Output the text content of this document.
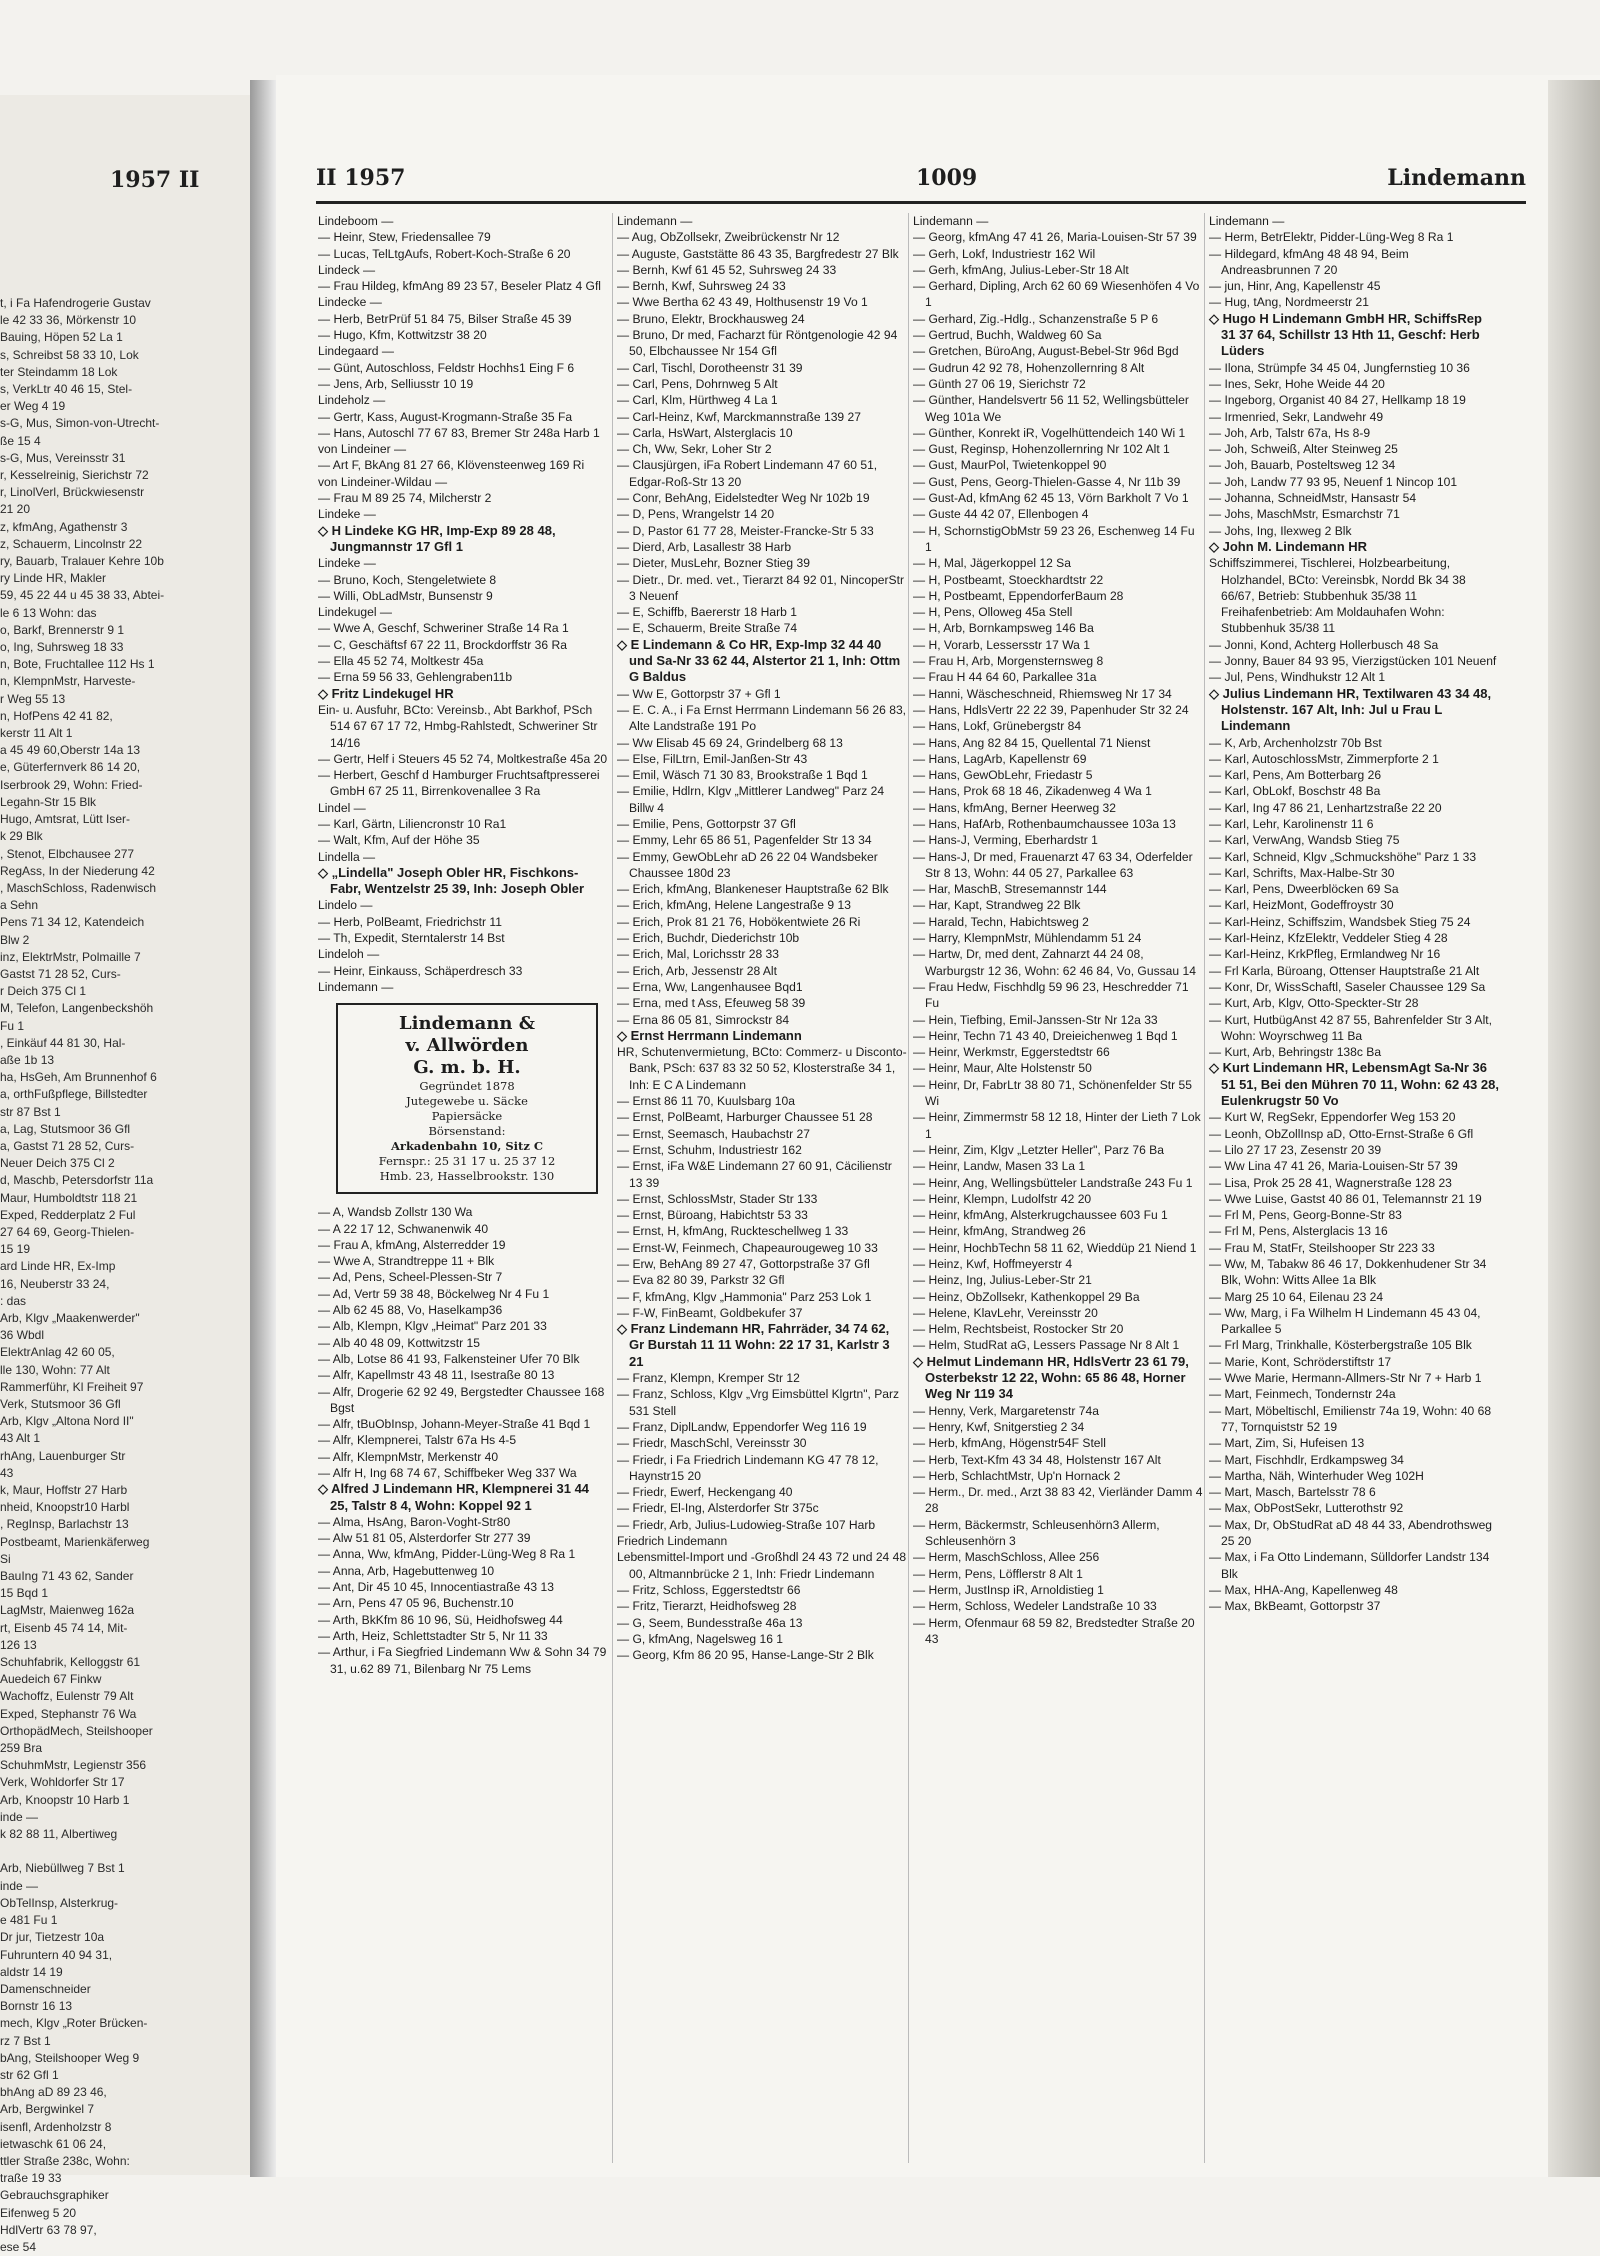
1957 II
t, i Fa Hafendrogerie Gustav
le 42 33 36, Mörkenstr 10
Bauing, Höpen 52 La 1
s, Schreibst 58 33 10, Lok
ter Steindamm 18 Lok
s, VerkLtr 40 46 15, Stel-
er Weg 4 19
s-G, Mus, Simon-von-Utrecht-
ße 15 4
s-G, Mus, Vereinsstr 31
r, Kesselreinig, Sierichstr 72
r, LinolVerl, Brückwiesenstr
21 20
z, kfmAng, Agathenstr 3
z, Schauerm, Lincolnstr 22
ry, Bauarb, Tralauer Kehre 10b
ry Linde HR, Makler
59, 45 22 44 u 45 38 33, Abtei-
le 6 13 Wohn: das
o, Barkf, Brennerstr 9 1
o, Ing, Suhrsweg 18 33
n, Bote, Fruchtallee 112 Hs 1
n, KlempnMstr, Harveste-
r Weg 55 13
n, HofPens 42 41 82,
kerstr 11 Alt 1
a 45 49 60,Oberstr 14a 13
e, Güterfernverk 86 14 20,
Iserbrook 29, Wohn: Fried-
Legahn-Str 15 Blk
Hugo, Amtsrat, Lütt Iser-
k 29 Blk
, Stenot, Elbchausee 277
RegAss, In der Niederung 42
, MaschSchloss, Radenwisch
a Sehn
Pens 71 34 12, Katendeich
Blw 2
inz, ElektrMstr, Polmaille 7
Gastst 71 28 52, Curs-
r Deich 375 Cl 1
M, Telefon, Langenbeckshöh
Fu 1
, Einkäuf 44 81 30, Hal-
aße 1b 13
ha, HsGeh, Am Brunnenhof 6
a, orthFußpflege, Billstedter
str 87 Bst 1
a, Lag, Stutsmoor 36 Gfl
a, Gastst 71 28 52, Curs-
Neuer Deich 375 Cl 2
d, Maschb, Petersdorfstr 11a
Maur, Humboldtstr 118 21
Exped, Redderplatz 2 Ful
27 64 69, Georg-Thielen-
15 19
ard Linde HR, Ex-Imp
16, Neuberstr 33 24,
: das
Arb, Klgv „Maakenwerder"
36 Wbdl
ElektrAnlag 42 60 05,
lle 130, Wohn: 77 Alt
Rammerführ, Kl Freiheit 97
Verk, Stutsmoor 36 Gfl
Arb, Klgv „Altona Nord II"
43 Alt 1
rhAng, Lauenburger Str
43
k, Maur, Hoffstr 27 Harb
nheid, Knoopstr10 Harbl
, RegInsp, Barlachstr 13
Postbeamt, Marienkäferweg
Si
BauIng 71 43 62, Sander
15 Bqd 1
LagMstr, Maienweg 162a
rt, Eisenb 45 74 14, Mit-
126 13
Schuhfabrik, Kelloggstr 61
Auedeich 67 Finkw
Wachoffz, Eulenstr 79 Alt
Exped, Stephanstr 76 Wa
OrthopädMech, Steilshooper
259 Bra
SchuhmMstr, Legienstr 356
Verk, Wohldorfer Str 17
Arb, Knoopstr 10 Harb 1
inde —
k 82 88 11, Albertiweg

Arb, Niebüllweg 7 Bst 1
inde —
ObTelInsp, Alsterkrug-
e 481 Fu 1
Dr jur, Tietzestr 10a
Fuhruntern 40 94 31,
aldstr 14 19
Damenschneider
Bornstr 16 13
mech, Klgv „Roter Brücken-
rz 7 Bst 1
bAng, Steilshooper Weg 9
str 62 Gfl 1
bhAng aD 89 23 46,
Arb, Bergwinkel 7
isenfl, Ardenholzstr 8
ietwaschk 61 06 24,
ttler Straße 238c, Wohn:
traße 19 33
Gebrauchsgraphiker
Eifenweg 5 20
HdlVertr 63 78 97,
ese 54
II 1957	1009	Lindemann
Lindeboom —
— Heinr, Stew, Friedensallee 79
— Lucas, TelLtgAufs, Robert-Koch-Straße 6 20
Lindeck —
— Frau Hildeg, kfmAng 89 23 57, Beseler Platz 4 Gfl
Lindecke —
— Herb, BetrPrüf 51 84 75, Bilser Straße 45 39
— Hugo, Kfm, Kottwitzstr 38 20
Lindegaard —
— Günt, Autoschloss, Feldstr Hochhs1 Eing F 6
— Jens, Arb, Selliusstr 10 19
Lindeholz —
— Gertr, Kass, August-Krogmann-Straße 35 Fa
— Hans, Autoschl 77 67 83, Bremer Str 248a Harb 1
von Lindeiner —
— Art F, BkAng 81 27 66, Klövensteenweg 169 Ri
von Lindeiner-Wildau —
— Frau M 89 25 74, Milcherstr 2
Lindeke —
◇ H Lindeke KG HR, Imp-Exp 89 28 48, Jungmannstr 17 Gfl 1
Lindeke —
— Bruno, Koch, Stengeletwiete 8
— Willi, ObLadMstr, Bunsenstr 9
Lindekugel —
— Wwe A, Geschf, Schweriner Straße 14 Ra 1
— C, Geschäftsf 67 22 11, Brockdorffstr 36 Ra
— Ella 45 52 74, Moltkestr 45a
— Erna 59 56 33, Gehlengraben11b
◇ Fritz Lindekugel HR
Ein- u. Ausfuhr, BCto: Vereinsb., Abt Barkhof, PSch 514 67 67 17 72, Hmbg-Rahlstedt, Schweriner Str 14/16
— Gertr, Helf i Steuers 45 52 74, Moltkestraße 45a 20
— Herbert, Geschf d Hamburger Fruchtsaftpresserei GmbH 67 25 11, Birrenkovenallee 3 Ra
Lindel —
— Karl, Gärtn, Liliencronstr 10 Ra1
— Walt, Kfm, Auf der Höhe 35
Lindella —
◇ „Lindella" Joseph Obler HR, Fischkons-Fabr, Wentzelstr 25 39, Inh: Joseph Obler
Lindelo —
— Herb, PolBeamt, Friedrichstr 11
— Th, Expedit, Sterntalerstr 14 Bst
Lindeloh —
— Heinr, Einkauss, Schäperdresch 33
Lindemann —
Lindemann &
v. Allwörden
G. m. b. H.
Gegründet 1878
Jutegewebe u. Säcke
Papiersäcke
Börsenstand:
Arkadenbahn 10, Sitz C
Fernspr.: 25 31 17 u. 25 37 12
Hmb. 23, Hasselbrookstr. 130
— A, Wandsb Zollstr 130 Wa
— A 22 17 12, Schwanenwik 40
— Frau A, kfmAng, Alsterredder 19
— Wwe A, Strandtreppe 11 + Blk
— Ad, Pens, Scheel-Plessen-Str 7
— Ad, Vertr 59 38 48, Böckelweg Nr 4 Fu 1
— Alb 62 45 88, Vo, Haselkamp36
— Alb, Klempn, Klgv „Heimat" Parz 201 33
— Alb 40 48 09, Kottwitzstr 15
— Alb, Lotse 86 41 93, Falkensteiner Ufer 70 Blk
— Alfr, Kapellmstr 43 48 11, Isestraße 80 13
— Alfr, Drogerie 62 92 49, Bergstedter Chaussee 168 Bgst
— Alfr, tBuObInsp, Johann-Meyer-Straße 41 Bqd 1
— Alfr, Klempnerei, Talstr 67a Hs 4-5
— Alfr, KlempnMstr, Merkenstr 40
— Alfr H, Ing 68 74 67, Schiffbeker Weg 337 Wa
◇ Alfred J Lindemann HR, Klempnerei 31 44 25, Talstr 8 4, Wohn: Koppel 92 1
— Alma, HsAng, Baron-Voght-Str80
— Alw 51 81 05, Alsterdorfer Str 277 39
— Anna, Ww, kfmAng, Pidder-Lüng-Weg 8 Ra 1
— Anna, Arb, Hagebuttenweg 10
— Ant, Dir 45 10 45, Innocentiastraße 43 13
— Arn, Pens 47 05 96, Buchenstr.10
— Arth, BkKfm 86 10 96, Sü, Heidhofsweg 44
— Arth, Heiz, Schlettstadter Str 5, Nr 11 33
— Arthur, i Fa Siegfried Lindemann Ww & Sohn 34 79 31, u.62 89 71, Bilenbarg Nr 75 Lems
Lindemann —
— Aug, ObZollsekr, Zweibrückenstr Nr 12
— Auguste, Gaststätte 86 43 35, Bargfredestr 27 Blk
— Bernh, Kwf 61 45 52, Suhrsweg 24 33
— Bernh, Kwf, Suhrsweg 24 33
— Wwe Bertha 62 43 49, Holthusenstr 19 Vo 1
— Bruno, Elektr, Brockhausweg 24
— Bruno, Dr med, Facharzt für Röntgenologie 42 94 50, Elbchaussee Nr 154 Gfl
— Carl, Tischl, Dorotheenstr 31 39
— Carl, Pens, Dohrnweg 5 Alt
— Carl, Klm, Hürthweg 4 La 1
— Carl-Heinz, Kwf, Marckmannstraße 139 27
— Carla, HsWart, Alsterglacis 10
— Ch, Ww, Sekr, Loher Str 2
— Clausjürgen, iFa Robert Lindemann 47 60 51, Edgar-Roß-Str 13 20
— Conr, BehAng, Eidelstedter Weg Nr 102b 19
— D, Pens, Wrangelstr 14 20
— D, Pastor 61 77 28, Meister-Francke-Str 5 33
— Dierd, Arb, Lasallestr 38 Harb
— Dieter, MusLehr, Bozner Stieg 39
— Dietr., Dr. med. vet., Tierarzt 84 92 01, NincoperStr 3 Neuenf
— E, Schiffb, Baererstr 18 Harb 1
— E, Schauerm, Breite Straße 74
◇ E Lindemann & Co HR, Exp-Imp 32 44 40 und Sa-Nr 33 62 44, Alstertor 21 1, Inh: Ottm G Baldus
— Ww E, Gottorpstr 37 + Gfl 1
— E. C. A., i Fa Ernst Herrmann Lindemann 56 26 83, Alte Landstraße 191 Po
— Ww Elisab 45 69 24, Grindelberg 68 13
— Else, FilLtrn, Emil-Janßen-Str 43
— Emil, Wäsch 71 30 83, Brookstraße 1 Bqd 1
— Emilie, Hdlrn, Klgv „Mittlerer Landweg" Parz 24 Billw 4
— Emilie, Pens, Gottorpstr 37 Gfl
— Emmy, Lehr 65 86 51, Pagenfelder Str 13 34
— Emmy, GewObLehr aD 26 22 04 Wandsbeker Chaussee 180d 23
— Erich, kfmAng, Blankeneser Hauptstraße 62 Blk
— Erich, kfmAng, Helene Langestraße 9 13
— Erich, Prok 81 21 76, Hobökentwiete 26 Ri
— Erich, Buchdr, Diederichstr 10b
— Erich, Mal, Lorichsstr 28 33
— Erich, Arb, Jessenstr 28 Alt
— Erna, Ww, Langenhausee Bqd1
— Erna, med t Ass, Efeuweg 58 39
— Erna 86 05 81, Simrockstr 84
◇ Ernst Herrmann Lindemann
HR, Schutenvermietung, BCto: Commerz- u Disconto-Bank, PSch: 637 83 32 50 52, Klosterstraße 34 1, Inh: E C A Lindemann
— Ernst 86 11 70, Kuulsbarg 10a
— Ernst, PolBeamt, Harburger Chaussee 51 28
— Ernst, Seemasch, Haubachstr 27
— Ernst, Schuhm, Industriestr 162
— Ernst, iFa W&E Lindemann 27 60 91, Cäcilienstr 13 39
— Ernst, SchlossMstr, Stader Str 133
— Ernst, Büroang, Habichtstr 53 33
— Ernst, H, kfmAng, Ruckteschellweg 1 33
— Ernst-W, Feinmech, Chapeaurougeweg 10 33
— Erw, BehAng 89 27 47, Gottorpstraße 37 Gfl
— Eva 82 80 39, Parkstr 32 Gfl
— F, kfmAng, Klgv „Hammonia" Parz 253 Lok 1
— F-W, FinBeamt, Goldbekufer 37
◇ Franz Lindemann HR, Fahrräder, 34 74 62, Gr Burstah 11 11 Wohn: 22 17 31, Karlstr 3 21
— Franz, Klempn, Kremper Str 12
— Franz, Schloss, Klgv „Vrg Eimsbüttel Klgrtn", Parz 531 Stell
— Franz, DiplLandw, Eppendorfer Weg 116 19
— Friedr, MaschSchl, Vereinsstr 30
— Friedr, i Fa Friedrich Lindemann KG 47 78 12, Haynstr15 20
— Friedr, Ewerf, Heckengang 40
— Friedr, El-Ing, Alsterdorfer Str 375c
— Friedr, Arb, Julius-Ludowieg-Straße 107 Harb
Friedrich Lindemann
Lebensmittel-Import und -Großhdl 24 43 72 und 24 48 00, Altmannbrücke 2 1, Inh: Friedr Lindemann
— Fritz, Schloss, Eggerstedtstr 66
— Fritz, Tierarzt, Heidhofsweg 28
— G, Seem, Bundesstraße 46a 13
— G, kfmAng, Nagelsweg 16 1
— Georg, Kfm 86 20 95, Hanse-Lange-Str 2 Blk
Lindemann —
— Georg, kfmAng 47 41 26, Maria-Louisen-Str 57 39
— Gerh, Lokf, Industriestr 162 Wil
— Gerh, kfmAng, Julius-Leber-Str 18 Alt
— Gerhard, Dipling, Arch 62 60 69 Wiesenhöfen 4 Vo 1
— Gerhard, Zig.-Hdlg., Schanzenstraße 5 P 6
— Gertrud, Buchh, Waldweg 60 Sa
— Gretchen, BüroAng, August-Bebel-Str 96d Bgd
— Gudrun 42 92 78, Hohenzollernring 8 Alt
— Günth 27 06 19, Sierichstr 72
— Günther, Handelsvertr 56 11 52, Wellingsbütteler Weg 101a We
— Günther, Konrekt iR, Vogelhüttendeich 140 Wi 1
— Gust, Reginsp, Hohenzollernring Nr 102 Alt 1
— Gust, MaurPol, Twietenkoppel 90
— Gust, Pens, Georg-Thielen-Gasse 4, Nr 11b 39
— Gust-Ad, kfmAng 62 45 13, Vörn Barkholt 7 Vo 1
— Guste 44 42 07, Ellenbogen 4
— H, SchornstigObMstr 59 23 26, Eschenweg 14 Fu 1
— H, Mal, Jägerkoppel 12 Sa
— H, Postbeamt, Stoeckhardtstr 22
— H, Postbeamt, EppendorferBaum 28
— H, Pens, Olloweg 45a Stell
— H, Arb, Bornkampsweg 146 Ba
— H, Vorarb, Lessersstr 17 Wa 1
— Frau H, Arb, Morgensternsweg 8
— Frau H 44 64 60, Parkallee 31a
— Hanni, Wäscheschneid, Rhiemsweg Nr 17 34
— Hans, HdlsVertr 22 22 39, Papenhuder Str 32 24
— Hans, Lokf, Grünebergstr 84
— Hans, Ang 82 84 15, Quellental 71 Nienst
— Hans, LagArb, Kapellenstr 69
— Hans, GewObLehr, Friedastr 5
— Hans, Prok 68 18 46, Zikadenweg 4 Wa 1
— Hans, kfmAng, Berner Heerweg 32
— Hans, HafArb, Rothenbaumchaussee 103a 13
— Hans-J, Verming, Eberhardstr 1
— Hans-J, Dr med, Frauenarzt 47 63 34, Oderfelder Str 8 13, Wohn: 44 05 27, Parkallee 63
— Har, MaschB, Stresemannstr 144
— Har, Kapt, Strandweg 22 Blk
— Harald, Techn, Habichtsweg 2
— Harry, KlempnMstr, Mühlendamm 51 24
— Hartw, Dr, med dent, Zahnarzt 44 24 08, Warburgstr 12 36, Wohn: 62 46 84, Vo, Gussau 14
— Frau Hedw, Fischhdlg 59 96 23, Heschredder 71 Fu
— Hein, Tiefbing, Emil-Janssen-Str Nr 12a 33
— Heinr, Techn 71 43 40, Dreieichenweg 1 Bqd 1
— Heinr, Werkmstr, Eggerstedtstr 66
— Heinr, Maur, Alte Holstenstr 50
— Heinr, Dr, FabrLtr 38 80 71, Schönenfelder Str 55 Wi
— Heinr, Zimmermstr 58 12 18, Hinter der Lieth 7 Lok 1
— Heinr, Zim, Klgv „Letzter Heller", Parz 76 Ba
— Heinr, Landw, Masen 33 La 1
— Heinr, Ang, Wellingsbütteler Landstraße 243 Fu 1
— Heinr, Klempn, Ludolfstr 42 20
— Heinr, kfmAng, Alsterkrugchaussee 603 Fu 1
— Heinr, kfmAng, Strandweg 26
— Heinr, HochbTechn 58 11 62, Wieddüp 21 Niend 1
— Heinz, Kwf, Hoffmeyerstr 4
— Heinz, Ing, Julius-Leber-Str 21
— Heinz, ObZollsekr, Kathenkoppel 29 Ba
— Helene, KlavLehr, Vereinsstr 20
— Helm, Rechtsbeist, Rostocker Str 20
— Helm, StudRat aG, Lessers Passage Nr 8 Alt 1
◇ Helmut Lindemann HR, HdlsVertr 23 61 79, Osterbekstr 12 22, Wohn: 65 86 48, Horner Weg Nr 119 34
— Henny, Verk, Margaretenstr 74a
— Henry, Kwf, Snitgerstieg 2 34
— Herb, kfmAng, Högenstr54F Stell
— Herb, Text-Kfm 43 34 48, Holstenstr 167 Alt
— Herb, SchlachtMstr, Up'n Hornack 2
— Herm., Dr. med., Arzt 38 83 42, Vierländer Damm 4 28
— Herm, Bäckermstr, Schleusenhörn3 Allerm, Schleusenhörn 3
— Herm, MaschSchloss, Allee 256
— Herm, Pens, Löfflerstr 8 Alt 1
— Herm, JustInsp iR, Arnoldistieg 1
— Herm, Schloss, Wedeler Landstraße 10 33
— Herm, Ofenmaur 68 59 82, Bredstedter Straße 20 43
Lindemann —
— Herm, BetrElektr, Pidder-Lüng-Weg 8 Ra 1
— Hildegard, kfmAng 48 48 94, Beim Andreasbrunnen 7 20
— jun, Hinr, Ang, Kapellenstr 45
— Hug, tAng, Nordmeerstr 21
◇ Hugo H Lindemann GmbH HR, SchiffsRep 31 37 64, Schillstr 13 Hth 11, Geschf: Herb Lüders
— Ilona, Strümpfe 34 45 04, Jungfernstieg 10 36
— Ines, Sekr, Hohe Weide 44 20
— Ingeborg, Organist 40 84 27, Hellkamp 18 19
— Irmenried, Sekr, Landwehr 49
— Joh, Arb, Talstr 67a, Hs 8-9
— Joh, Schweiß, Alter Steinweg 25
— Joh, Bauarb, Posteltsweg 12 34
— Joh, Landw 77 93 95, Neuenf 1 Nincop 101
— Johanna, SchneidMstr, Hansastr 54
— Johs, MaschMstr, Esmarchstr 71
— Johs, Ing, Ilexweg 2 Blk
◇ John M. Lindemann HR
Schiffszimmerei, Tischlerei, Holzbearbeitung, Holzhandel, BCto: Vereinsbk, Nordd Bk 34 38 66/67, Betrieb: Stubbenhuk 35/38 11 Freihafenbetrieb: Am Moldauhafen Wohn: Stubbenhuk 35/38 11
— Jonni, Kond, Achterg Hollerbusch 48 Sa
— Jonny, Bauer 84 93 95, Vierzigstücken 101 Neuenf
— Jul, Pens, Windhukstr 12 Alt 1
◇ Julius Lindemann HR, Textilwaren 43 34 48, Holstenstr. 167 Alt, Inh: Jul u Frau L Lindemann
— K, Arb, Archenholzstr 70b Bst
— Karl, AutoschlossMstr, Zimmerpforte 2 1
— Karl, Pens, Am Botterbarg 26
— Karl, ObLokf, Boschstr 48 Ba
— Karl, Ing 47 86 21, Lenhartzstraße 22 20
— Karl, Lehr, Karolinenstr 11 6
— Karl, VerwAng, Wandsb Stieg 75
— Karl, Schneid, Klgv „Schmuckshöhe" Parz 1 33
— Karl, Schrifts, Max-Halbe-Str 30
— Karl, Pens, Dweerblöcken 69 Sa
— Karl, HeizMont, Godeffroystr 30
— Karl-Heinz, Schiffszim, Wandsbek Stieg 75 24
— Karl-Heinz, KfzElektr, Veddeler Stieg 4 28
— Karl-Heinz, KrkPfleg, Ermlandweg Nr 16
— Frl Karla, Büroang, Ottenser Hauptstraße 21 Alt
— Konr, Dr, WissSchaftl, Saseler Chaussee 129 Sa
— Kurt, Arb, Klgv, Otto-Speckter-Str 28
— Kurt, HutbügAnst 42 87 55, Bahrenfelder Str 3 Alt, Wohn: Woyrschweg 11 Ba
— Kurt, Arb, Behringstr 138c Ba
◇ Kurt Lindemann HR, LebensmAgt Sa-Nr 36 51 51, Bei den Mühren 70 11, Wohn: 62 43 28, Eulenkrugstr 50 Vo
— Kurt W, RegSekr, Eppendorfer Weg 153 20
— Leonh, ObZollInsp aD, Otto-Ernst-Straße 6 Gfl
— Lilo 27 17 23, Zesenstr 20 39
— Ww Lina 47 41 26, Maria-Louisen-Str 57 39
— Lisa, Prok 25 28 41, Wagnerstraße 128 23
— Wwe Luise, Gastst 40 86 01, Telemannstr 21 19
— Frl M, Pens, Georg-Bonne-Str 83
— Frl M, Pens, Alsterglacis 13 16
— Frau M, StatFr, Steilshooper Str 223 33
— Ww, M, Tabakw 86 46 17, Dokkenhudener Str 34 Blk, Wohn: Witts Allee 1a Blk
— Marg 25 10 64, Eilenau 23 24
— Ww, Marg, i Fa Wilhelm H Lindemann 45 43 04, Parkallee 5
— Frl Marg, Trinkhalle, Kösterbergstraße 105 Blk
— Marie, Kont, Schröderstiftstr 17
— Wwe Marie, Hermann-Allmers-Str Nr 7 + Harb 1
— Mart, Feinmech, Tondernstr 24a
— Mart, Möbeltischl, Emilienstr 74a 19, Wohn: 40 68 77, Tornquiststr 52 19
— Mart, Zim, Si, Hufeisen 13
— Mart, Fischhdlr, Erdkampsweg 34
— Martha, Näh, Winterhuder Weg 102H
— Mart, Masch, Bartelsstr 78 6
— Max, ObPostSekr, Lutterothstr 92
— Max, Dr, ObStudRat aD 48 44 33, Abendrothsweg 25 20
— Max, i Fa Otto Lindemann, Sülldorfer Landstr 134 Blk
— Max, HHA-Ang, Kapellenweg 48
— Max, BkBeamt, Gottorpstr 37
